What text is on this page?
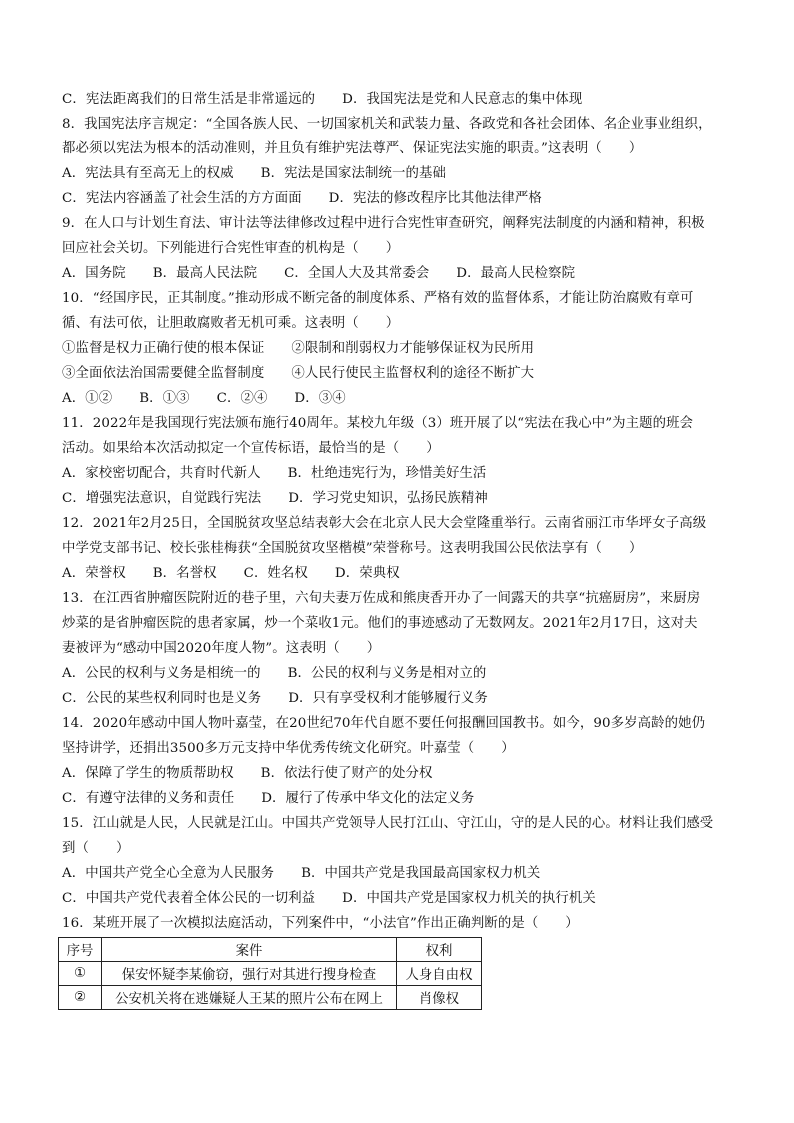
C．宪法距离我们的日常生活是非常遥远的　　D．我国宪法是党和人民意志的集中体现
8．我国宪法序言规定：“全国各族人民、一切国家机关和武装力量、各政党和各社会团体、名企业事业组织，
都必须以宪法为根本的活动准则，并且负有维护宪法尊严、保证宪法实施的职责。”这表明（　　）
A．宪法具有至高无上的权威　　B．宪法是国家法制统一的基础
C．宪法内容涵盖了社会生活的方方面面　　D．宪法的修改程序比其他法律严格
9．在人口与计划生育法、审计法等法律修改过程中进行合宪性审查研究，阐释宪法制度的内涵和精神，积极
回应社会关切。下列能进行合宪性审查的机构是（　　）
A．国务院　　B．最高人民法院　　C．全国人大及其常委会　　D．最高人民检察院
10．“经国序民，正其制度。”推动形成不断完备的制度体系、严格有效的监督体系，才能让防治腐败有章可
循、有法可依，让胆敢腐败者无机可乘。这表明（　　）
①监督是权力正确行使的根本保证　　②限制和削弱权力才能够保证权为民所用
③全面依法治国需要健全监督制度　　④人民行使民主监督权利的途径不断扩大
A．①②　　B．①③　　C．②④　　D．③④
11．2022年是我国现行宪法颁布施行40周年。某校九年级（3）班开展了以“宪法在我心中”为主题的班会
活动。如果给本次活动拟定一个宣传标语，最恰当的是（　　）
A．家校密切配合，共育时代新人　　B．杜绝违宪行为，珍惜美好生活
C．增强宪法意识，自觉践行宪法　　D．学习党史知识，弘扬民族精神
12．2021年2月25日，全国脱贫攻坚总结表彰大会在北京人民大会堂隆重举行。云南省丽江市华坪女子高级
中学党支部书记、校长张桂梅获“全国脱贫攻坚楷模”荣誉称号。这表明我国公民依法享有（　　）
A．荣誉权　　B．名誉权　　C．姓名权　　D．荣典权
13．在江西省肿瘤医院附近的巷子里，六旬夫妻万佐成和熊庚香开办了一间露天的共享“抗癌厨房”，来厨房
炒菜的是省肿瘤医院的患者家属，炒一个菜收1元。他们的事迹感动了无数网友。2021年2月17日，这对夫
妻被评为“感动中国2020年度人物”。这表明（　　）
A．公民的权利与义务是相统一的　　B．公民的权利与义务是相对立的
C．公民的某些权利同时也是义务　　D．只有享受权利才能够履行义务
14．2020年感动中国人物叶嘉莹，在20世纪70年代自愿不要任何报酬回国教书。如今，90多岁高龄的她仍
坚持讲学，还捐出3500多万元支持中华优秀传统文化研究。叶嘉莹（　　）
A．保障了学生的物质帮助权　　B．依法行使了财产的处分权
C．有遵守法律的义务和责任　　D．履行了传承中华文化的法定义务
15．江山就是人民，人民就是江山。中国共产党领导人民打江山、守江山，守的是人民的心。材料让我们感受
到（　　）
A．中国共产党全心全意为人民服务　　B．中国共产党是我国最高国家权力机关
C．中国共产党代表着全体公民的一切利益　　D．中国共产党是国家权力机关的执行机关
16．某班开展了一次模拟法庭活动，下列案件中，“小法官”作出正确判断的是（　　）
序号	案件	权利
①	保安怀疑李某偷窃，强行对其进行搜身检查	人身自由权
②	公安机关将在逃嫌疑人王某的照片公布在网上	肖像权
